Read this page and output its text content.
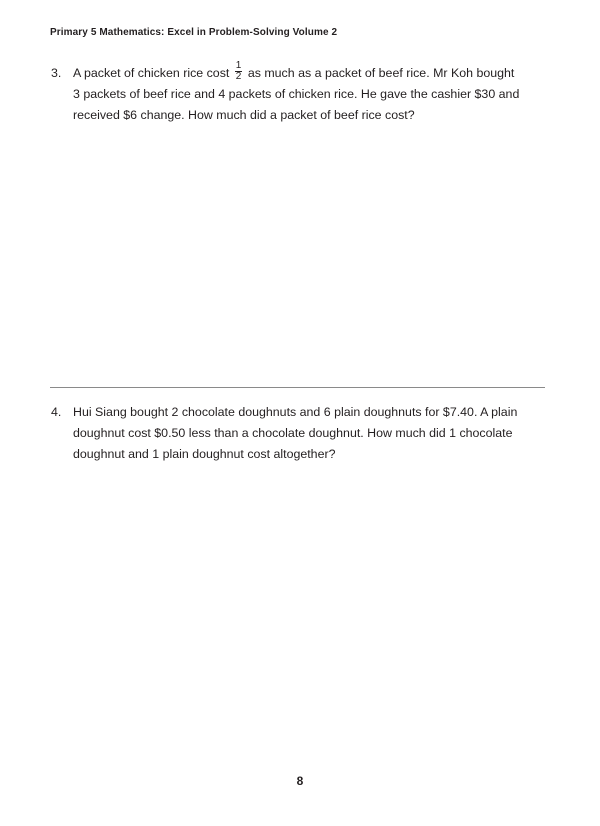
Primary 5 Mathematics: Excel in Problem-Solving Volume 2
3. A packet of chicken rice cost $\frac{1}{2}$ as much as a packet of beef rice. Mr Koh bought
3 packets of beef rice and 4 packets of chicken rice. He gave the cashier $30 and
received $6 change. How much did a packet of beef rice cost?
4. Hui Siang bought 2 chocolate doughnuts and 6 plain doughnuts for $7.40. A plain
doughnut cost $0.50 less than a chocolate doughnut. How much did 1 chocolate
doughnut and 1 plain doughnut cost altogether?
8
